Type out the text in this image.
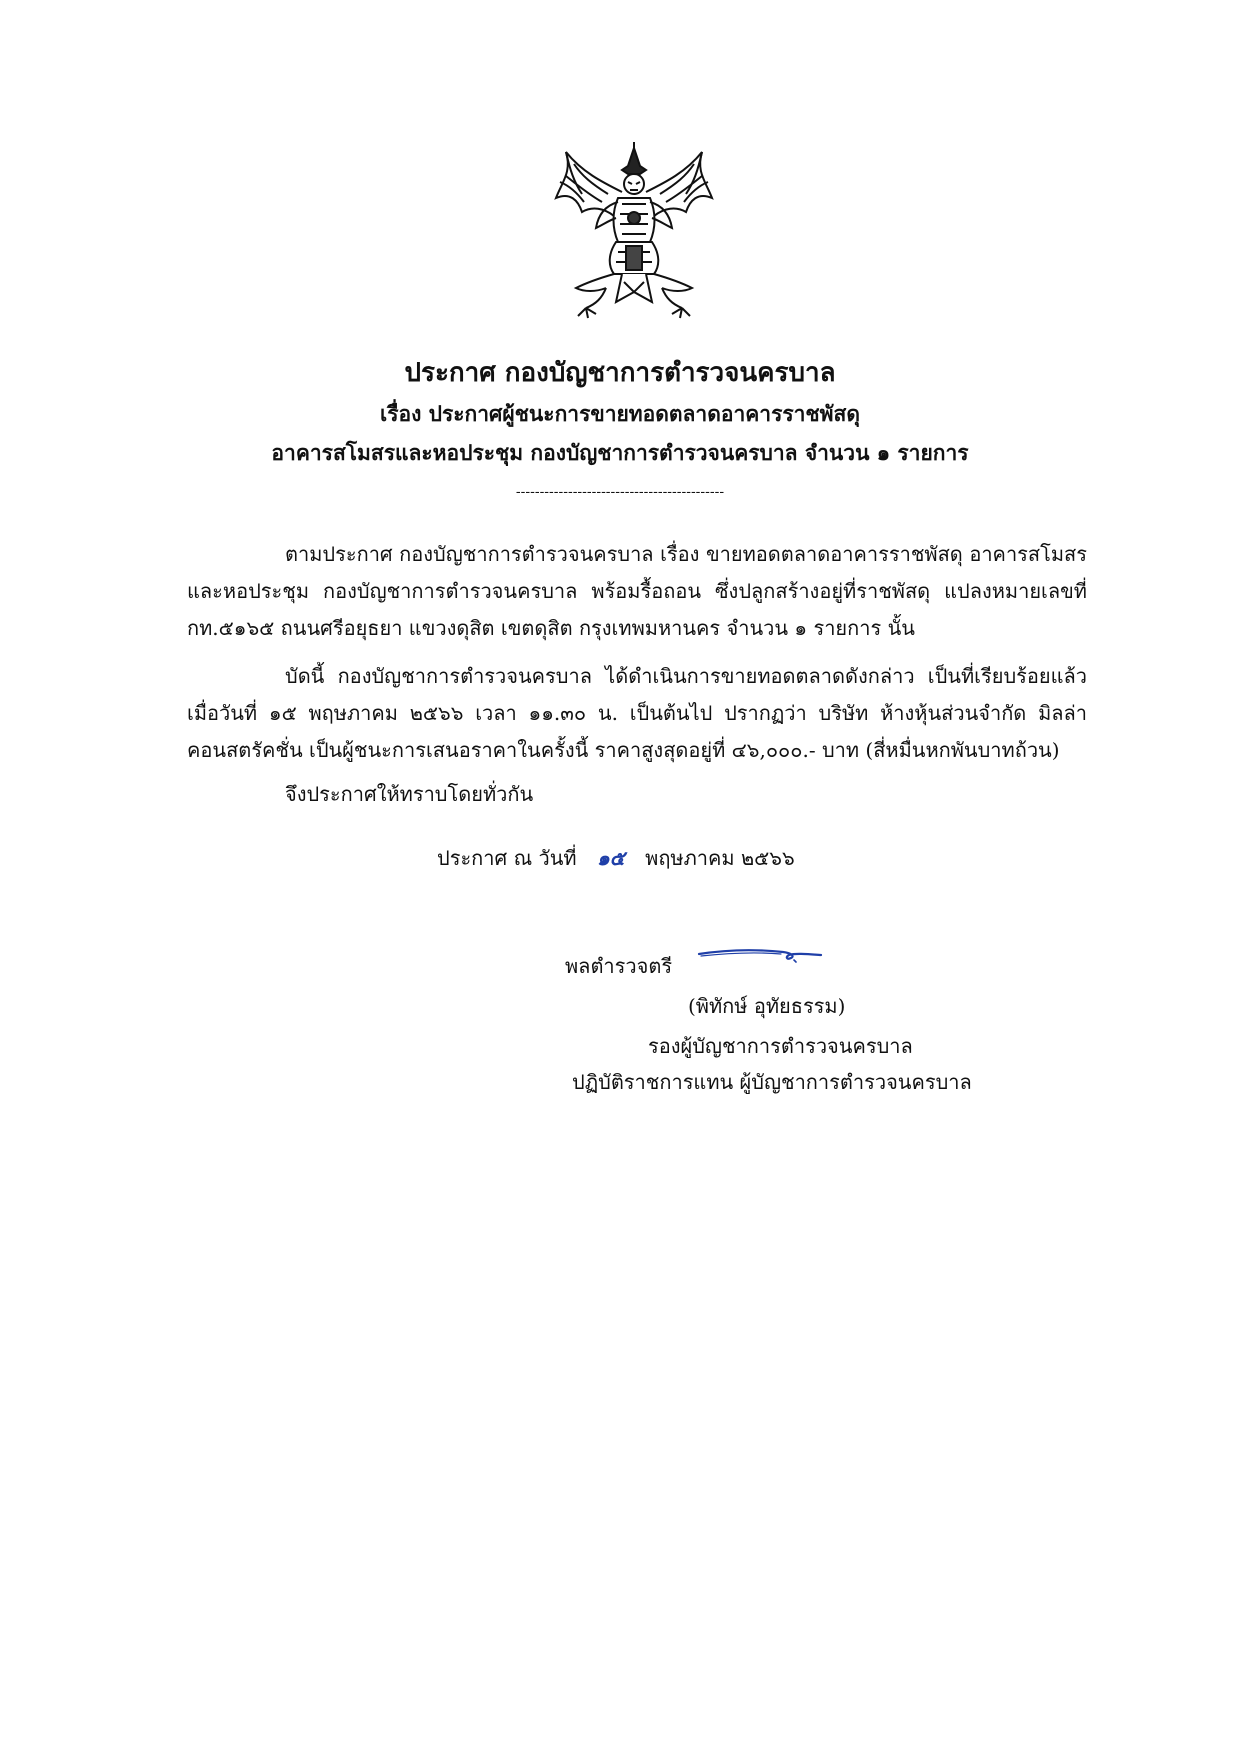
ประกาศ กองบัญชาการตำรวจนครบาล
เรื่อง ประกาศผู้ชนะการขายทอดตลาดอาคารราชพัสดุ
อาคารสโมสรและหอประชุม กองบัญชาการตำรวจนครบาล จำนวน ๑ รายการ
--------------------------------------------
ตามประกาศ กองบัญชาการตำรวจนครบาล เรื่อง ขายทอดตลาดอาคารราชพัสดุ อาคารสโมสร
และหอประชุม กองบัญชาการตำรวจนครบาล พร้อมรื้อถอน ซึ่งปลูกสร้างอยู่ที่ราชพัสดุ แปลงหมายเลขที่
กท.๕๑๖๕ ถนนศรีอยุธยา แขวงดุสิต เขตดุสิต กรุงเทพมหานคร จำนวน ๑ รายการ นั้น
บัดนี้ กองบัญชาการตำรวจนครบาล ได้ดำเนินการขายทอดตลาดดังกล่าว เป็นที่เรียบร้อยแล้ว
เมื่อวันที่ ๑๕ พฤษภาคม ๒๕๖๖ เวลา ๑๑.๓๐ น. เป็นต้นไป ปรากฏว่า บริษัท ห้างหุ้นส่วนจำกัด มิลล่า
คอนสตรัคชั่น เป็นผู้ชนะการเสนอราคาในครั้งนี้ ราคาสูงสุดอยู่ที่ ๔๖,๐๐๐.- บาท (สี่หมื่นหกพันบาทถ้วน)
จึงประกาศให้ทราบโดยทั่วกัน
ประกาศ ณ วันที่ ๑๕ พฤษภาคม ๒๕๖๖
พลตำรวจตรี
(พิทักษ์ อุทัยธรรม)
รองผู้บัญชาการตำรวจนครบาล
ปฏิบัติราชการแทน ผู้บัญชาการตำรวจนครบาล
